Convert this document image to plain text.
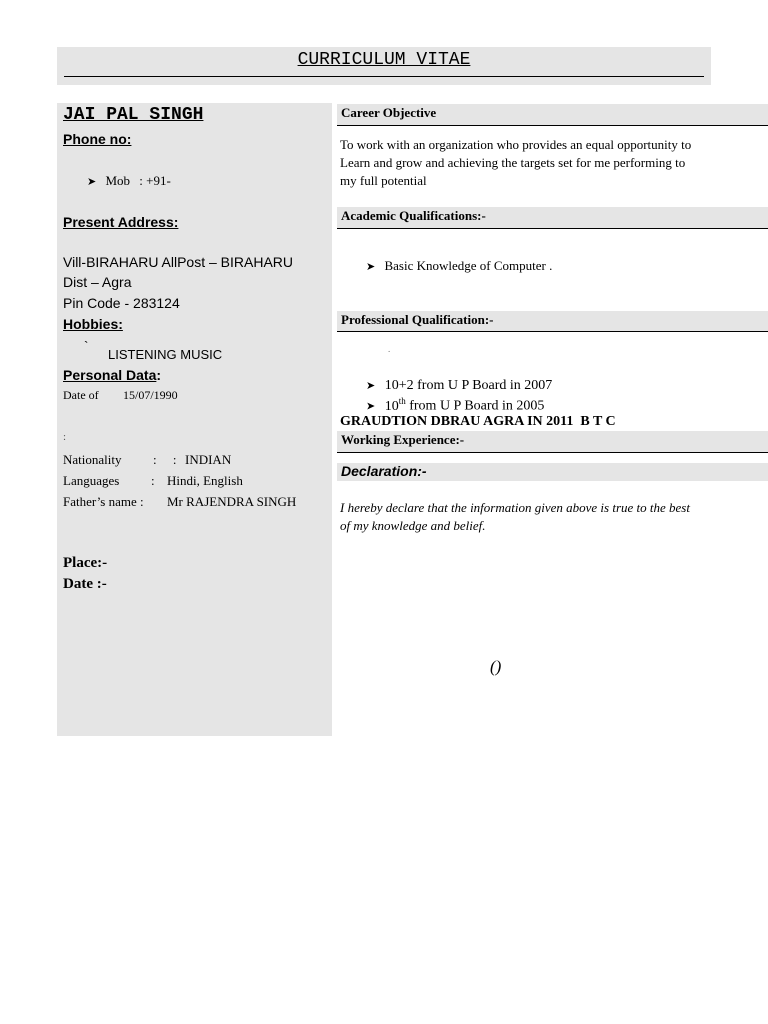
CURRICULUM VITAE
JAI PAL SINGH
Phone no:
➤ Mob : +91-
Present Address:
Vill-BIRAHARU AllPost – BIRAHARU
Dist – Agra
Pin Code - 283124
Hobbies:
`
LISTENING MUSIC
Personal Data:
Date of 15/07/1990
:
Nationality :     : INDIAN
Languages : Hindi, English
Father’s name : Mr RAJENDRA SINGH
Place:-
Date :-
Career Objective
To work with an organization who provides an equal opportunity to
Learn and grow and achieving the targets set for me performing to
my full potential
Academic Qualifications:-
➤ Basic Knowledge of Computer .
Professional Qualification:-
.
➤ 10+2 from U P Board in 2007
➤ 10th from U P Board in 2005
GRAUDTION DBRAU AGRA IN 2011  B T C
Working Experience:-
Declaration:-
I hereby declare that the information given above is true to the best
of my knowledge and belief.
()
